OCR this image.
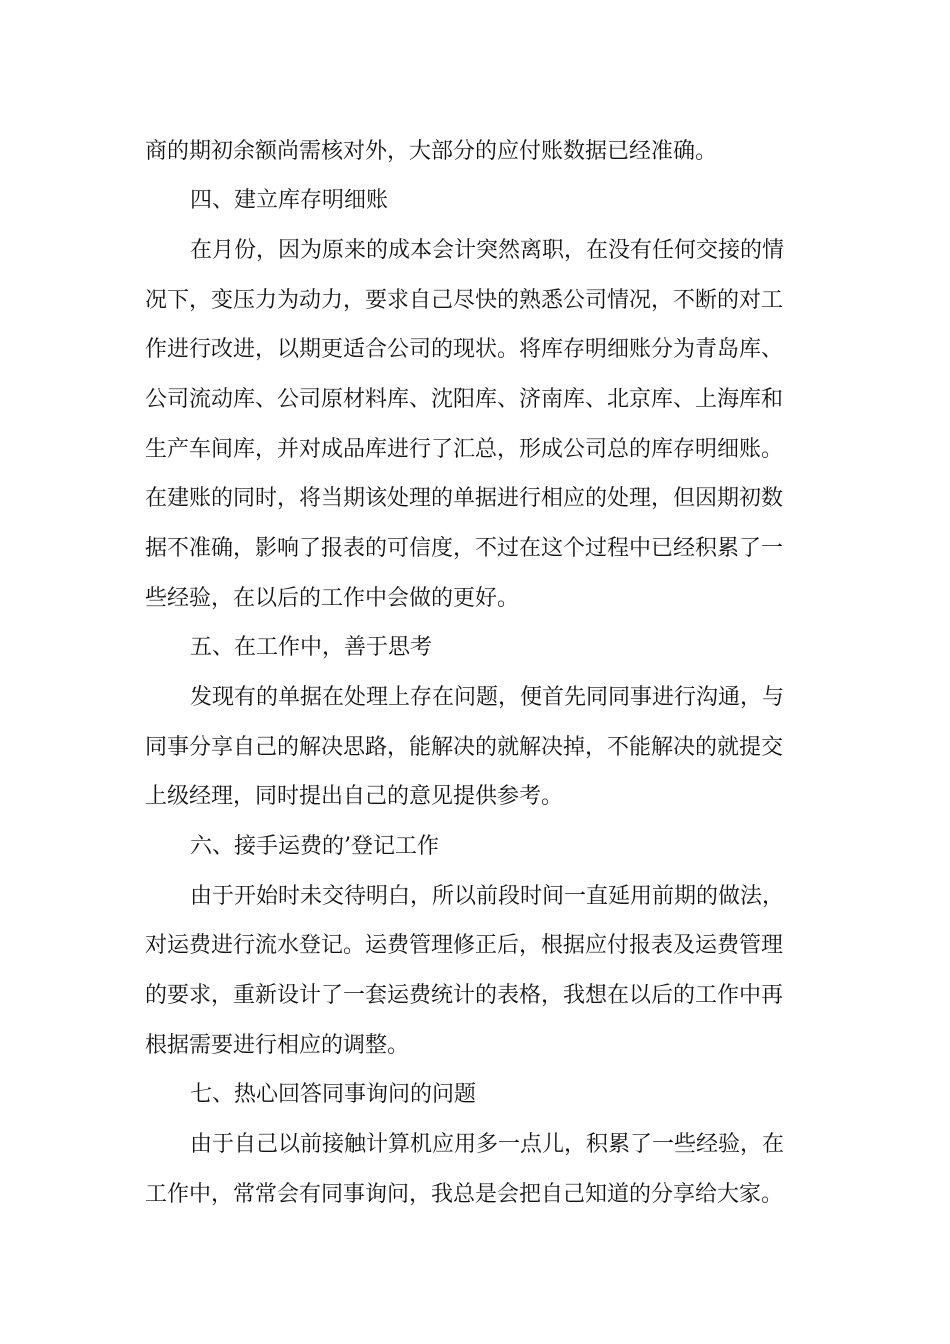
商的期初余额尚需核对外，大部分的应付账数据已经准确。
四、建立库存明细账
在月份，因为原来的成本会计突然离职，在没有任何交接的情
况下，变压力为动力，要求自己尽快的熟悉公司情况，不断的对工
作进行改进，以期更适合公司的现状。将库存明细账分为青岛库、
公司流动库、公司原材料库、沈阳库、济南库、北京库、上海库和
生产车间库，并对成品库进行了汇总，形成公司总的库存明细账。
在建账的同时，将当期该处理的单据进行相应的处理，但因期初数
据不准确，影响了报表的可信度，不过在这个过程中已经积累了一
些经验，在以后的工作中会做的更好。
五、在工作中，善于思考
发现有的单据在处理上存在问题，便首先同同事进行沟通，与
同事分享自己的解决思路，能解决的就解决掉，不能解决的就提交
上级经理，同时提出自己的意见提供参考。
六、接手运费的’登记工作
由于开始时未交待明白，所以前段时间一直延用前期的做法，
对运费进行流水登记。运费管理修正后，根据应付报表及运费管理
的要求，重新设计了一套运费统计的表格，我想在以后的工作中再
根据需要进行相应的调整。
七、热心回答同事询问的问题
由于自己以前接触计算机应用多一点儿，积累了一些经验，在
工作中，常常会有同事询问，我总是会把自己知道的分享给大家。
